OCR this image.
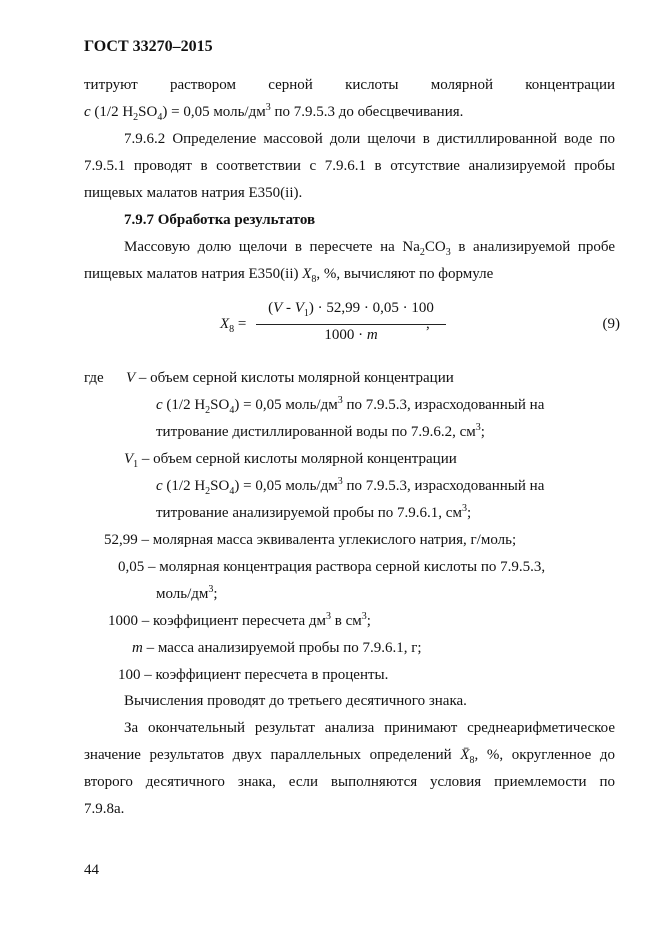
ГОСТ 33270–2015
титруют раствором серной кислоты молярной концентрации
c (1/2 $H_2SO_4) = 0,05$ моль/$дм^3$ по 7.9.5.3 до обесцвечивания.
7.9.6.2 Определение массовой доли щелочи в дистиллированной воде по
7.9.5.1 проводят в соответствии с 7.9.6.1 в отсутствие анализируемой пробы
пищевых малатов натрия Е350(ii).
7.9.7 Обработка результатов
Массовую долю щелочи в пересчете на $Na_2CO_3$ в анализируемой пробе
пищевых малатов натрия Е350(ii) $X_8$, %, вычисляют по формуле
$X_8$ =
$(V - V_1) \cdot 52,99 \cdot 0,05 \cdot 100$
1000 · m
,	(9)
где V – объем серной кислоты молярной концентрации
c (1/2 $H_2SO_4) = 0,05$ моль/$дм^3$ по 7.9.5.3, израсходованный на
титрование дистиллированной воды по 7.9.6.2, $см^3$;
$V_1$ – объем серной кислоты молярной концентрации
c (1/2 $H_2SO_4) = 0,05$ моль/$дм^3$ по 7.9.5.3, израсходованный на
титрование анализируемой пробы по 7.9.6.1, $см^3$;
52,99 – молярная масса эквивалента углекислого натрия, г/моль;
0,05 – молярная концентрация раствора серной кислоты по 7.9.5.3,
моль/$дм^3$;
1000 – коэффициент пересчета $дм^3$ в $см^3$;
m – масса анализируемой пробы по 7.9.6.1, г;
100 – коэффициент пересчета в проценты.
Вычисления проводят до третьего десятичного знака.
За окончательный результат анализа принимают среднеарифметическое
значение результатов двух параллельных определений $X̄_8$, %, округленное до
второго десятичного знака, если выполняются условия приемлемости по
7.9.8а.
44
